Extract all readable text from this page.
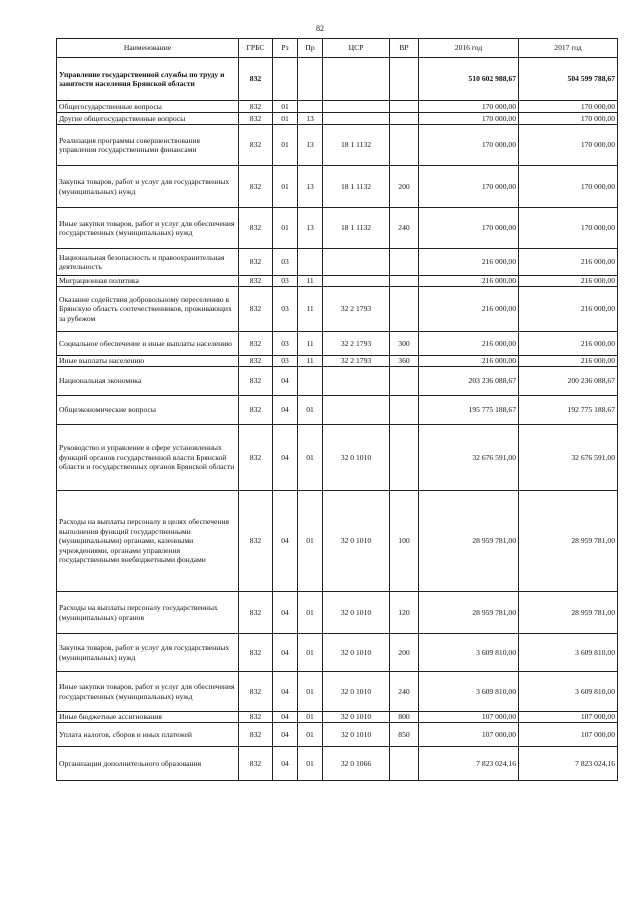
82
Наименование	ГРБС	Рз	Пр	ЦСР	ВР	2016 год	2017 год
Управление государственной службы по труду и занятости населения Брянской области	832					510 602 988,67	504 599 788,67
Общегосударственные вопросы	832	01				170 000,00	170 000,00
Другие общегосударственные вопросы	832	01	13			170 000,00	170 000,00
Реализация программы совершенствования управления государственными финансами	832	01	13	18 1 1132		170 000,00	170 000,00
Закупка товаров, работ и услуг для государственных (муниципальных) нужд	832	01	13	18 1 1132	200	170 000,00	170 000,00
Иные закупки товаров, работ и услуг для обеспечения государственных (муниципальных) нужд	832	01	13	18 1 1132	240	170 000,00	170 000,00
Национальная безопасность и правоохранительная деятельность	832	03				216 000,00	216 000,00
Миграционная политика	832	03	11			216 000,00	216 000,00
Оказание содействия добровольному переселению в Брянскую область соотечественников, проживающих за рубежом	832	03	11	32 2 1793		216 000,00	216 000,00
Социальное обеспечение и иные выплаты населению	832	03	11	32 2 1793	300	216 000,00	216 000,00
Иные выплаты населению	832	03	11	32 2 1793	360	216 000,00	216 000,00
Национальная экономика	832	04				203 236 088,67	200 236 088,67
Общеэкономические вопросы	832	04	01			195 775 188,67	192 775 188,67
Руководство и управление в сфере установленных функций органов государственной власти Брянской области и государственных органов Брянской области	832	04	01	32 0 1010		32 676 591,00	32 676 591,00
Расходы на выплаты персоналу в целях обеспечения выполнения функций государственными (муниципальными) органами, казенными учреждениями, органами управления государственными внебюджетными фондами	832	04	01	32 0 1010	100	28 959 781,00	28 959 781,00
Расходы на выплаты персоналу государственных (муниципальных) органов	832	04	01	32 0 1010	120	28 959 781,00	28 959 781,00
Закупка товаров, работ и услуг для государственных (муниципальных) нужд	832	04	01	32 0 1010	200	3 609 810,00	3 609 810,00
Иные закупки товаров, работ и услуг для обеспечения государственных (муниципальных) нужд	832	04	01	32 0 1010	240	3 609 810,00	3 609 810,00
Иные бюджетные ассигнования	832	04	01	32 0 1010	800	107 000,00	107 000,00
Уплата налогов, сборов и иных платежей	832	04	01	32 0 1010	850	107 000,00	107 000,00
Организации дополнительного образования	832	04	01	32 0 1066		7 823 024,16	7 823 024,16
